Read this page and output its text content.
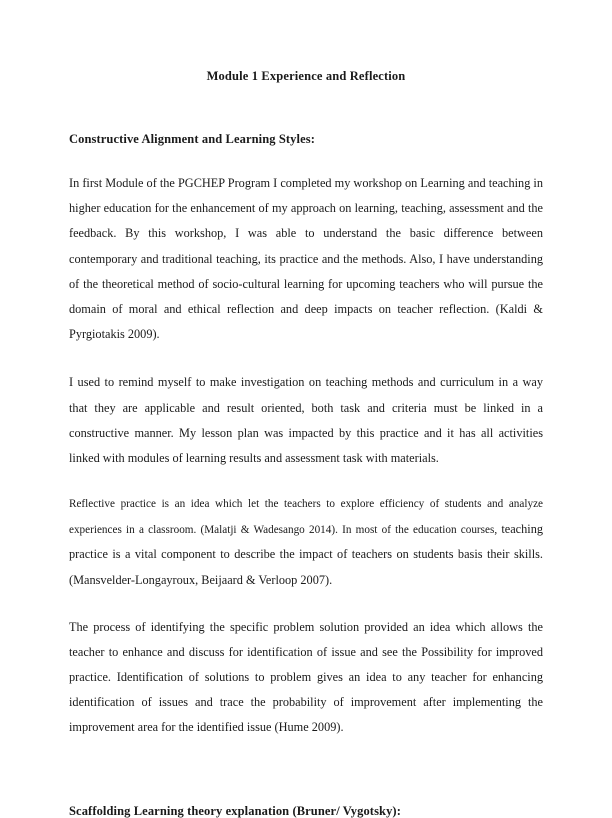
Module 1 Experience and Reflection
Constructive Alignment and Learning Styles:

In first Module of the PGCHEP Program I completed my workshop on Learning and teaching in higher education for the enhancement of my approach on learning, teaching, assessment and the feedback. By this workshop, I was able to understand the basic difference between contemporary and traditional teaching, its practice and the methods. Also, I have understanding of the theoretical method of socio-cultural learning for upcoming teachers who will pursue the domain of moral and ethical reflection and deep impacts on teacher reflection. (Kaldi & Pyrgiotakis 2009).

I used to remind myself to make investigation on teaching methods and curriculum in a way that they are applicable and result oriented, both task and criteria must be linked in a constructive manner. My lesson plan was impacted by this practice and it has all activities linked with modules of learning results and assessment task with materials.

Reflective practice is an idea which let the teachers to explore efficiency of students and analyze experiences in a classroom. (Malatji & Wadesango 2014). In most of the education courses, teaching practice is a vital component to describe the impact of teachers on students basis their skills. (Mansvelder-Longayroux, Beijaard & Verloop 2007).

The process of identifying the specific problem solution provided an idea which allows the teacher to enhance and discuss for identification of issue and see the Possibility for improved practice. Identification of solutions to problem gives an idea to any teacher for enhancing identification of issues and trace the probability of improvement after implementing the improvement area for the identified issue (Hume 2009).

Scaffolding Learning theory explanation (Bruner/ Vygotsky):
